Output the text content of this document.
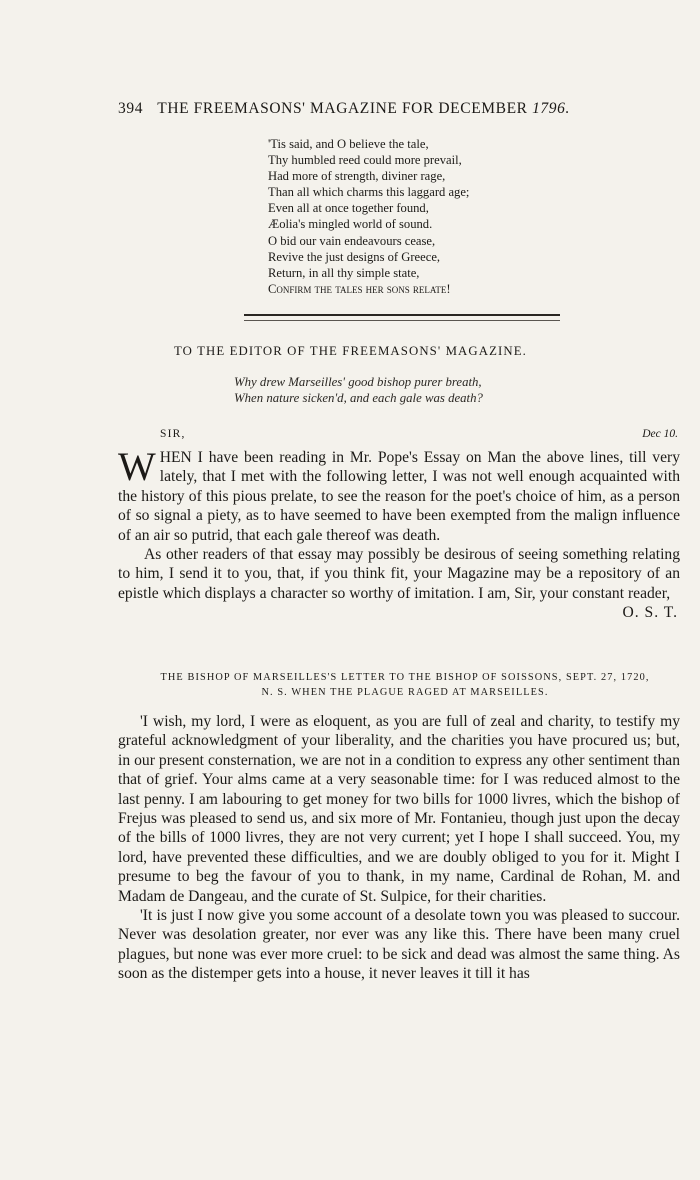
394 THE FREEMASONS' MAGAZINE FOR DECEMBER 1796.
'Tis said, and O believe the tale,
Thy humbled reed could more prevail,
Had more of strength, diviner rage,
Than all which charms this laggard age;
Even all at once together found,
Æolia's mingled world of sound.
O bid our vain endeavours cease,
Revive the just designs of Greece,
Return, in all thy simple state,
Confirm the tales her sons relate!
TO THE EDITOR OF THE FREEMASONS' MAGAZINE.
Why drew Marseilles' good bishop purer breath,
When nature sicken'd, and each gale was death?
SIR,	Dec 10.

WHEN I have been reading in Mr. Pope's Essay on Man the above lines, till very lately, that I met with the following letter, I was not well enough acquainted with the history of this pious prelate, to see the reason for the poet's choice of him, as a person of so signal a piety, as to have seemed to have been exempted from the malign influence of an air so putrid, that each gale thereof was death.

As other readers of that essay may possibly be desirous of seeing something relating to him, I send it to you, that, if you think fit, your Magazine may be a repository of an epistle which displays a character so worthy of imitation. I am, Sir, your constant reader,

O. S. T.

THE BISHOP OF MARSEILLES'S LETTER TO THE BISHOP OF SOISSONS, SEPT. 27, 1720,
N. S. WHEN THE PLAGUE RAGED AT MARSEILLES.

'I wish, my lord, I were as eloquent, as you are full of zeal and charity, to testify my grateful acknowledgment of your liberality, and the charities you have procured us; but, in our present consternation, we are not in a condition to express any other sentiment than that of grief. Your alms came at a very seasonable time: for I was reduced almost to the last penny. I am labouring to get money for two bills for 1000 livres, which the bishop of Frejus was pleased to send us, and six more of Mr. Fontanieu, though just upon the decay of the bills of 1000 livres, they are not very current; yet I hope I shall succeed. You, my lord, have prevented these difficulties, and we are doubly obliged to you for it. Might I presume to beg the favour of you to thank, in my name, Cardinal de Rohan, M. and Madam de Dangeau, and the curate of St. Sulpice, for their charities.

'It is just I now give you some account of a desolate town you was pleased to succour. Never was desolation greater, nor ever was any like this. There have been many cruel plagues, but none was ever more cruel: to be sick and dead was almost the same thing. As soon as the distemper gets into a house, it never leaves it till it has
